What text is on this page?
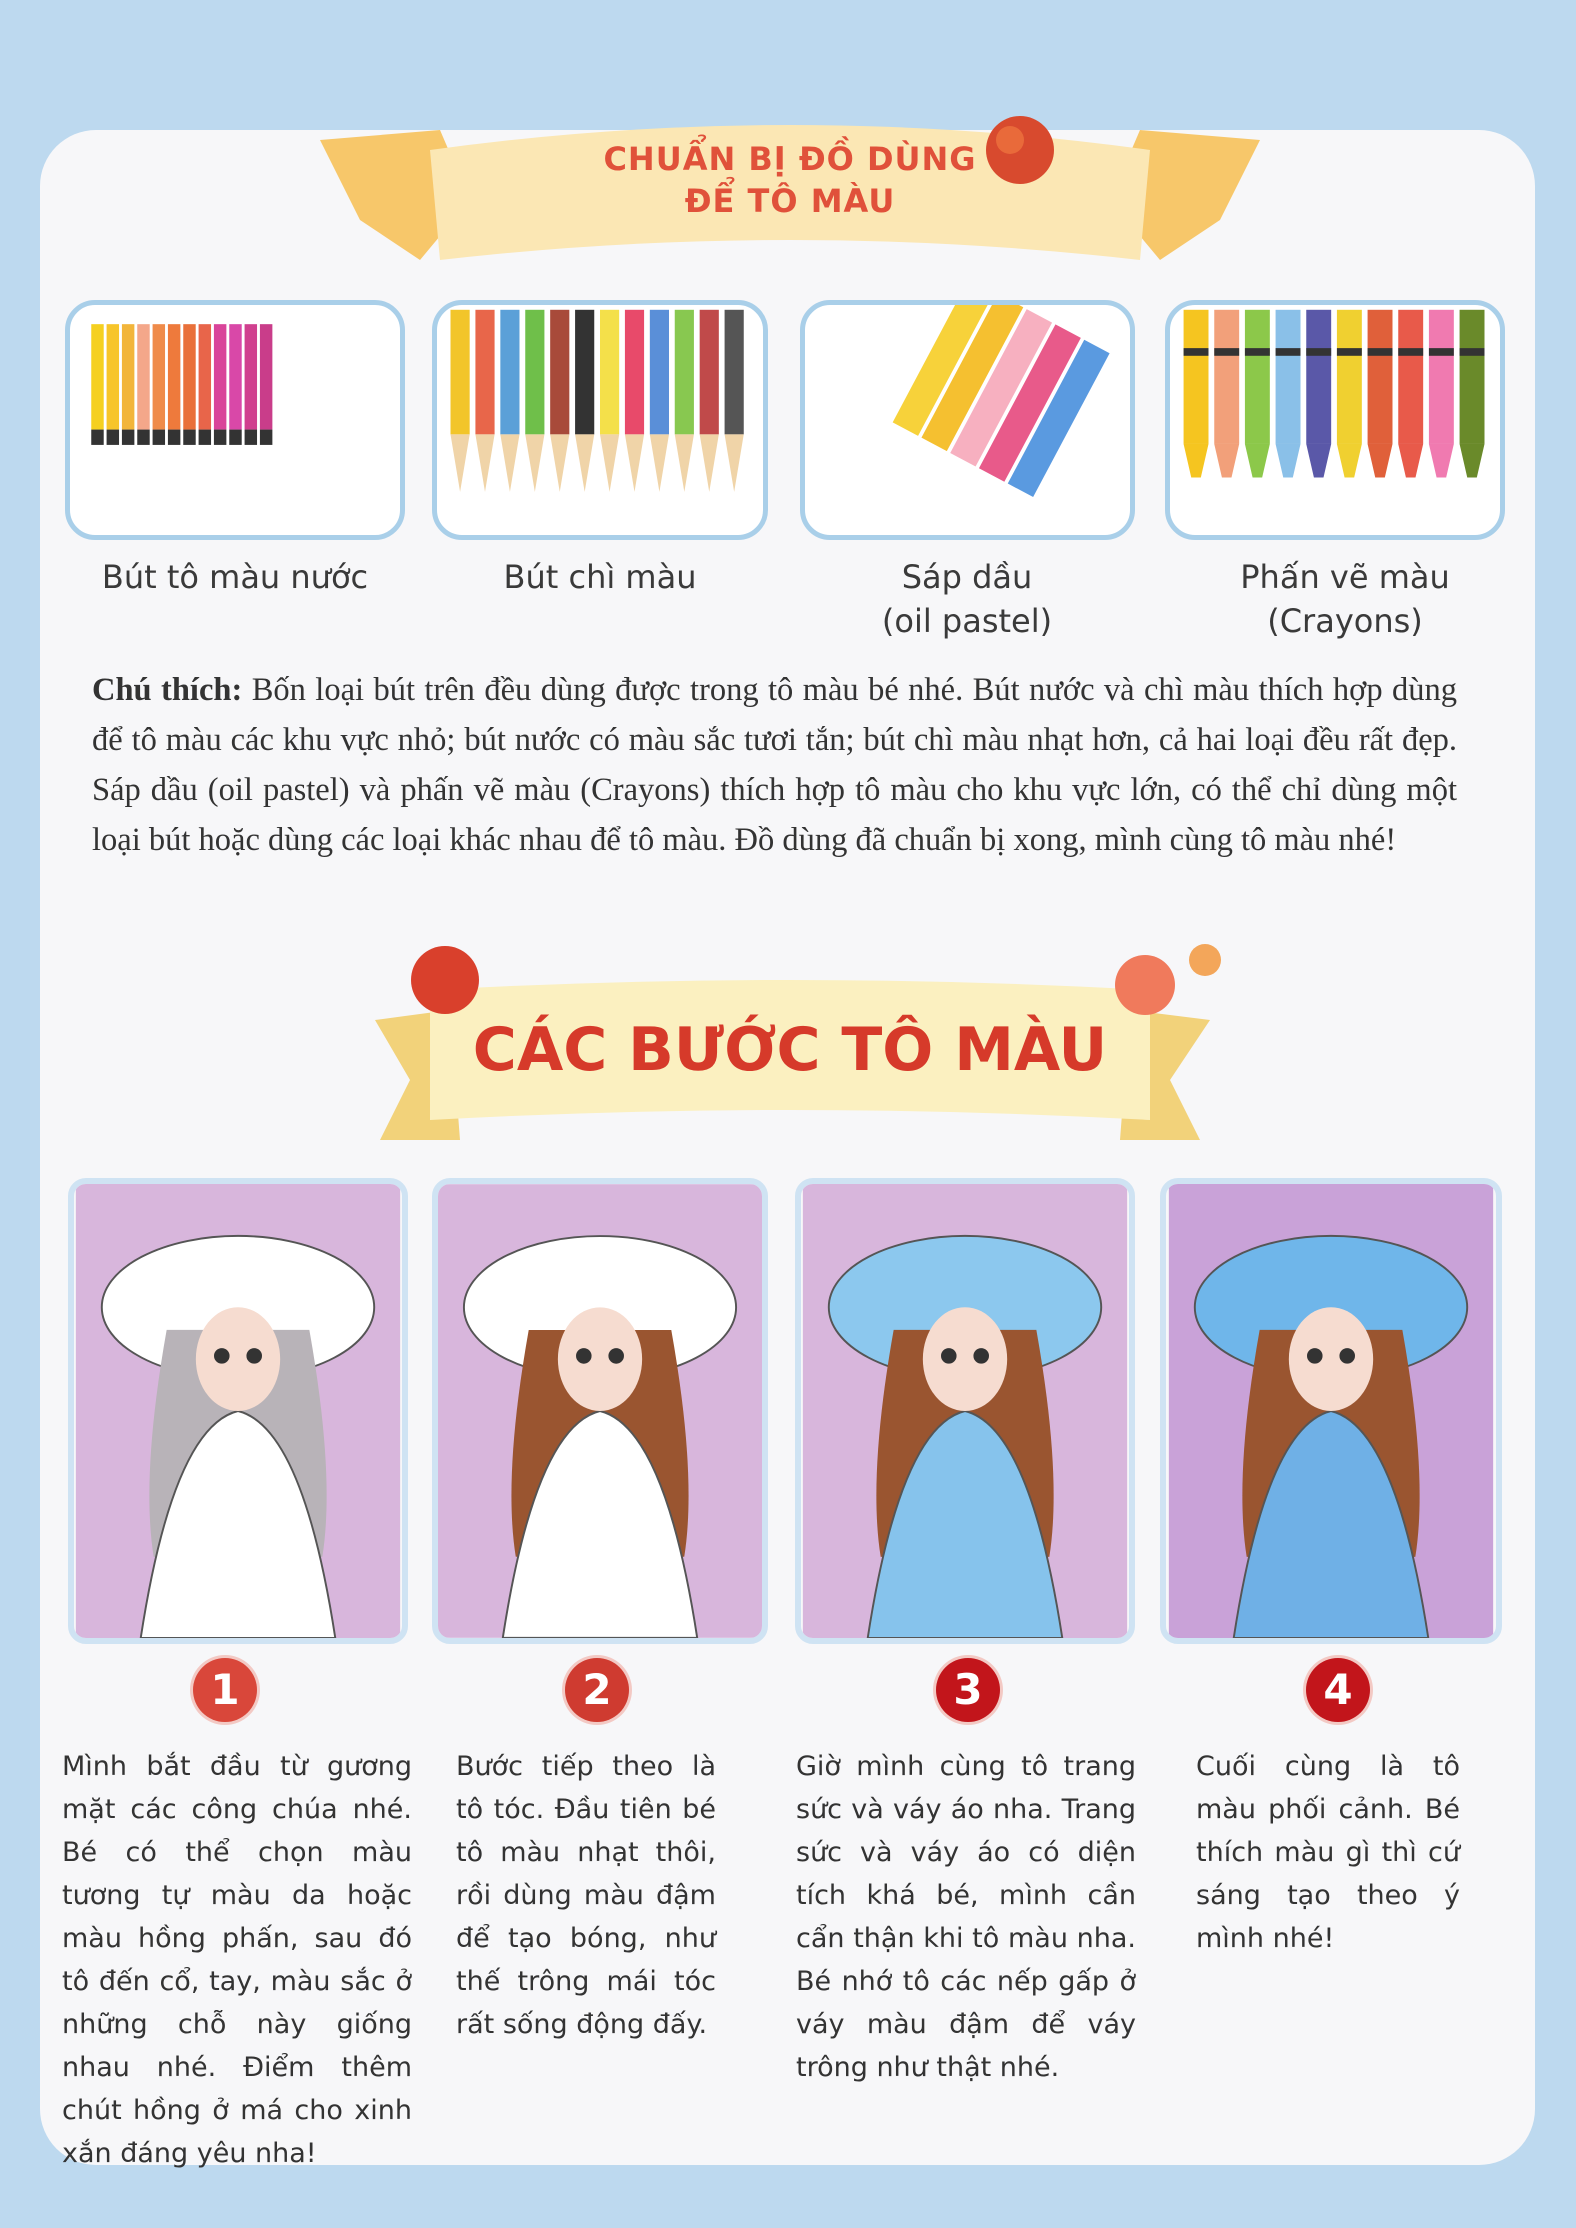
CHUẨN BỊ ĐỒ DÙNG
ĐỂ TÔ MÀU
Bút tô màu nước	Bút chì màu	Sáp dầu
(oil pastel)
Phấn vẽ màu
(Crayons)
Chú thích: Bốn loại bút trên đều dùng được trong tô màu bé nhé. Bút nước và chì màu thích hợp dùng để tô màu các khu vực nhỏ; bút nước có màu sắc tươi tắn; bút chì màu nhạt hơn, cả hai loại đều rất đẹp. Sáp dầu (oil pastel) và phấn vẽ màu (Crayons) thích hợp tô màu cho khu vực lớn, có thể chỉ dùng một loại bút hoặc dùng các loại khác nhau để tô màu. Đồ dùng đã chuẩn bị xong, mình cùng tô màu nhé!
CÁC BƯỚC TÔ MÀU
1	2	3	4
Mình bắt đầu từ gương mặt các công chúa nhé. Bé có thể chọn màu tương tự màu da hoặc màu hồng phấn, sau đó tô đến cổ, tay, màu sắc ở những chỗ này giống nhau nhé. Điểm thêm chút hồng ở má cho xinh xắn đáng yêu nha!
Bước tiếp theo là tô tóc. Đầu tiên bé tô màu nhạt thôi, rồi dùng màu đậm để tạo bóng, như thế trông mái tóc rất sống động đấy.
Giờ mình cùng tô trang sức và váy áo nha. Trang sức và váy áo có diện tích khá bé, mình cần cẩn thận khi tô màu nha. Bé nhớ tô các nếp gấp ở váy màu đậm để váy trông như thật nhé.
Cuối cùng là tô màu phối cảnh. Bé thích màu gì thì cứ sáng tạo theo ý mình nhé!
